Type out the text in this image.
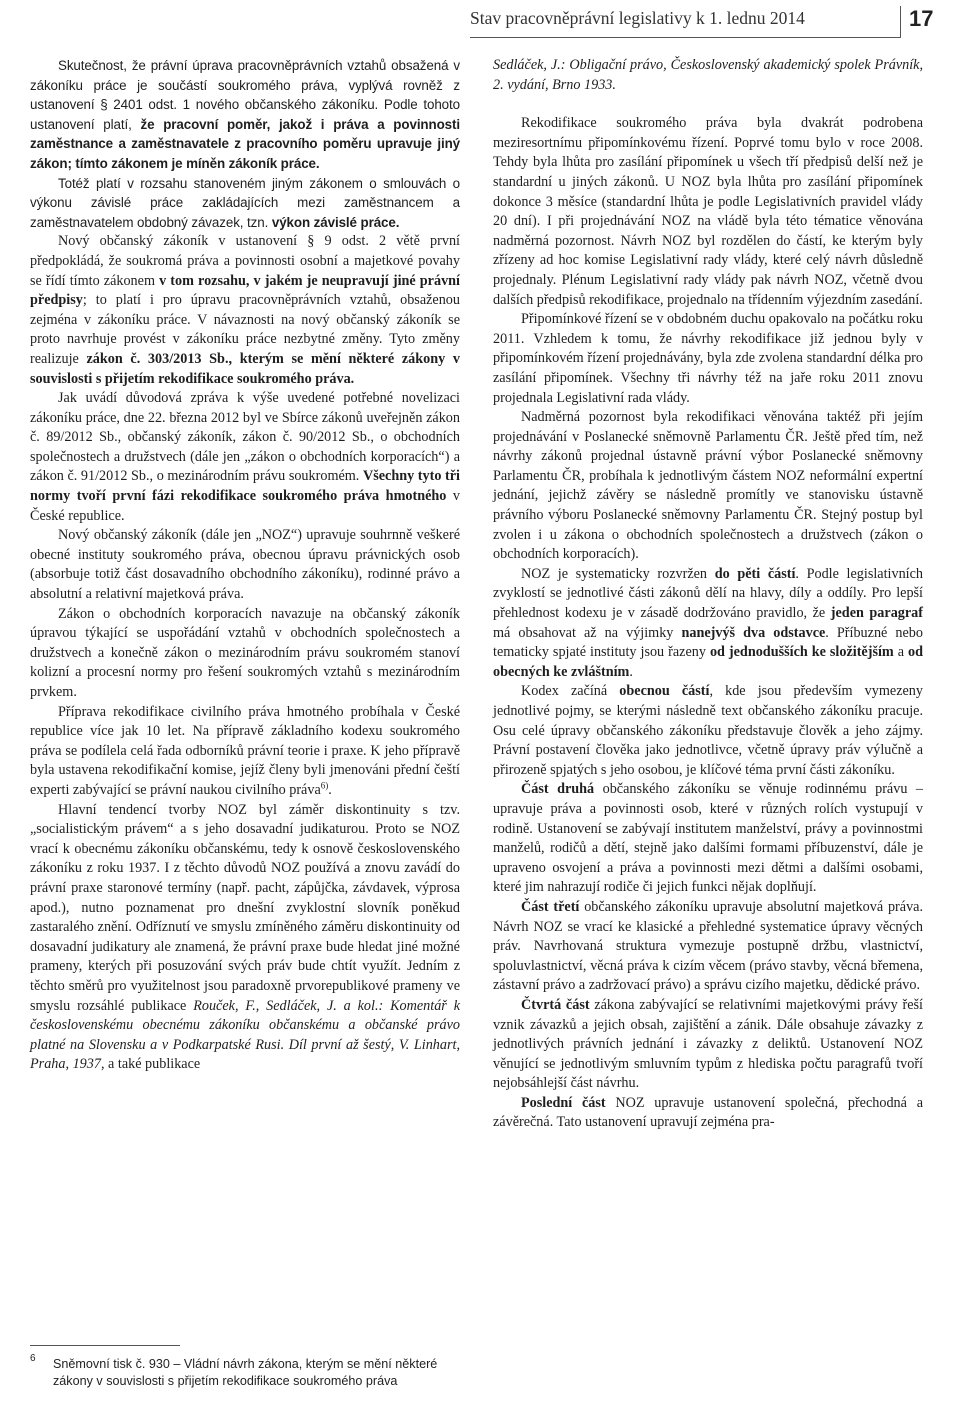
Stav pracovněprávní legislativy k 1. lednu 2014	17

Skutečnost, že právní úprava pracovněprávních vztahů obsažená v zákoníku práce je součástí soukromého práva, vyplývá rovněž z ustanovení § 2401 odst. 1 nového občanského zákoníku. Podle tohoto ustanovení platí, že pracovní poměr, jakož i práva a povinnosti zaměstnance a zaměstnavatele z pracovního poměru upravuje jiný zákon; tímto zákonem je míněn zákoník práce.

Totéž platí v rozsahu stanoveném jiným zákonem o smlouvách o výkonu závislé práce zakládajících mezi zaměstnancem a zaměstnavatelem obdobný závazek, tzn. výkon závislé práce.

Nový občanský zákoník v ustanovení § 9 odst. 2 větě první předpokládá, že soukromá práva a povinnosti osobní a majetkové povahy se řídí tímto zákonem v tom rozsahu, v jakém je neupravují jiné právní předpisy; to platí i pro úpravu pracovněprávních vztahů, obsaženou zejména v zákoníku práce. V návaznosti na nový občanský zákoník se proto navrhuje provést v zákoníku práce nezbytné změny. Tyto změny realizuje zákon č. 303/2013 Sb., kterým se mění některé zákony v souvislosti s přijetím rekodifikace soukromého práva.

Jak uvádí důvodová zpráva k výše uvedené potřebné novelizaci zákoníku práce, dne 22. března 2012 byl ve Sbírce zákonů uveřejněn zákon č. 89/2012 Sb., občanský zákoník, zákon č. 90/2012 Sb., o obchodních společnostech a družstvech (dále jen „zákon o obchodních korporacích“) a zákon č. 91/2012 Sb., o mezinárodním právu soukromém. Všechny tyto tři normy tvoří první fázi rekodifikace soukromého práva hmotného v České republice.

Nový občanský zákoník (dále jen „NOZ“) upravuje souhrnně veškeré obecné instituty soukromého práva, obecnou úpravu právnických osob (absorbuje totiž část dosavadního obchodního zákoníku), rodinné právo a absolutní a relativní majetková práva.

Zákon o obchodních korporacích navazuje na občanský zákoník úpravou týkající se uspořádání vztahů v obchodních společnostech a družstvech a konečně zákon o mezinárodním právu soukromém stanoví kolizní a procesní normy pro řešení soukromých vztahů s mezinárodním prvkem.

Příprava rekodifikace civilního práva hmotného probíhala v České republice více jak 10 let. Na přípravě základního kodexu soukromého práva se podílela celá řada odborníků právní teorie i praxe. K jeho přípravě byla ustavena rekodifikační komise, jejíž členy byli jmenováni přední čeští experti zabývající se právní naukou civilního práva$^{6)}$.

Hlavní tendencí tvorby NOZ byl záměr diskontinuity s tzv. „socialistickým právem“ a s jeho dosavadní judikaturou. Proto se NOZ vrací k obecnému zákoníku občanskému, tedy k osnově československého zákoníku z roku 1937. I z těchto důvodů NOZ používá a znovu zavádí do právní praxe staronové termíny (např. pacht, zápůjčka, závdavek, výprosa apod.), nutno poznamenat pro dnešní zvyklostní slovník poněkud zastaralého znění. Odříznutí ve smyslu zmíněného záměru diskontinuity od dosavadní judikatury ale znamená, že právní praxe bude hledat jiné možné prameny, kterých při posuzování svých práv bude chtít využít. Jedním z těchto směrů pro využitelnost jsou paradoxně prvorepublikové prameny ve smyslu rozsáhlé publikace Rouček, F., Sedláček, J. a kol.: Komentář k československému obecnému zákoníku občanskému a občanské právo platné na Slovensku a v Podkarpatské Rusi. Díl první až šestý, V. Linhart, Praha, 1937, a také publikace

Sedláček, J.: Obligační právo, Československý akademický spolek Právník, 2. vydání, Brno 1933.

Rekodifikace soukromého práva byla dvakrát podrobena meziresortnímu připomínkovému řízení. Poprvé tomu bylo v roce 2008. Tehdy byla lhůta pro zasílání připomínek u všech tří předpisů delší než je standardní u jiných zákonů. U NOZ byla lhůta pro zasílání připomínek dokonce 3 měsíce (standardní lhůta je podle Legislativních pravidel vlády 20 dní). I při projednávání NOZ na vládě byla této tématice věnována nadměrná pozornost. Návrh NOZ byl rozdělen do částí, ke kterým byly zřízeny ad hoc komise Legislativní rady vlády, které celý návrh důsledně projednaly. Plénum Legislativní rady vlády pak návrh NOZ, včetně dvou dalších předpisů rekodifikace, projednalo na třídenním výjezdním zasedání.

Připomínkové řízení se v obdobném duchu opakovalo na počátku roku 2011. Vzhledem k tomu, že návrhy rekodifikace již jednou byly v připomínkovém řízení projednávány, byla zde zvolena standardní délka pro zasílání připomínek. Všechny tři návrhy též na jaře roku 2011 znovu projednala Legislativní rada vlády.

Nadměrná pozornost byla rekodifikaci věnována taktéž při jejím projednávání v Poslanecké sněmovně Parlamentu ČR. Ještě před tím, než návrhy zákonů projednal ústavně právní výbor Poslanecké sněmovny Parlamentu ČR, probíhala k jednotlivým částem NOZ neformální expertní jednání, jejichž závěry se následně promítly ve stanovisku ústavně právního výboru Poslanecké sněmovny Parlamentu ČR. Stejný postup byl zvolen i u zákona o obchodních společnostech a družstvech (zákon o obchodních korporacích).

NOZ je systematicky rozvržen do pěti částí. Podle legislativních zvyklostí se jednotlivé části zákonů dělí na hlavy, díly a oddíly. Pro lepší přehlednost kodexu je v zásadě dodržováno pravidlo, že jeden paragraf má obsahovat až na výjimky nanejvýš dva odstavce. Příbuzné nebo tematicky spjaté instituty jsou řazeny od jednodušších ke složitějším a od obecných ke zvláštním.

Kodex začíná obecnou částí, kde jsou především vymezeny jednotlivé pojmy, se kterými následně text občanského zákoníku pracuje. Osu celé úpravy občanského zákoníku představuje člověk a jeho zájmy. Právní postavení člověka jako jednotlivce, včetně úpravy práv výlučně a přirozeně spjatých s jeho osobou, je klíčové téma první části zákoníku.

Část druhá občanského zákoníku se věnuje rodinnému právu – upravuje práva a povinnosti osob, které v různých rolích vystupují v rodině. Ustanovení se zabývají institutem manželství, právy a povinnostmi manželů, rodičů a dětí, stejně jako dalšími formami příbuzenství, dále je upraveno osvojení a práva a povinnosti mezi dětmi a dalšími osobami, které jim nahrazují rodiče či jejich funkci nějak doplňují.

Část třetí občanského zákoníku upravuje absolutní majetková práva. Návrh NOZ se vrací ke klasické a přehledné systematice úpravy věcných práv. Navrhovaná struktura vymezuje postupně držbu, vlastnictví, spoluvlastnictví, věcná práva k cizím věcem (právo stavby, věcná břemena, zástavní právo a zadržovací právo) a správu cizího majetku, dědické právo.

Čtvrtá část zákona zabývající se relativními majetkovými právy řeší vznik závazků a jejich obsah, zajištění a zánik. Dále obsahuje závazky z jednotlivých právních jednání i závazky z deliktů. Ustanovení NOZ věnující se jednotlivým smluvním typům z hlediska počtu paragrafů tvoří nejobsáhlejší část návrhu.

Poslední část NOZ upravuje ustanovení společná, přechodná a závěrečná. Tato ustanovení upravují zejména pra-

6 Sněmovní tisk č. 930 – Vládní návrh zákona, kterým se mění některé zákony v souvislosti s přijetím rekodifikace soukromého práva
